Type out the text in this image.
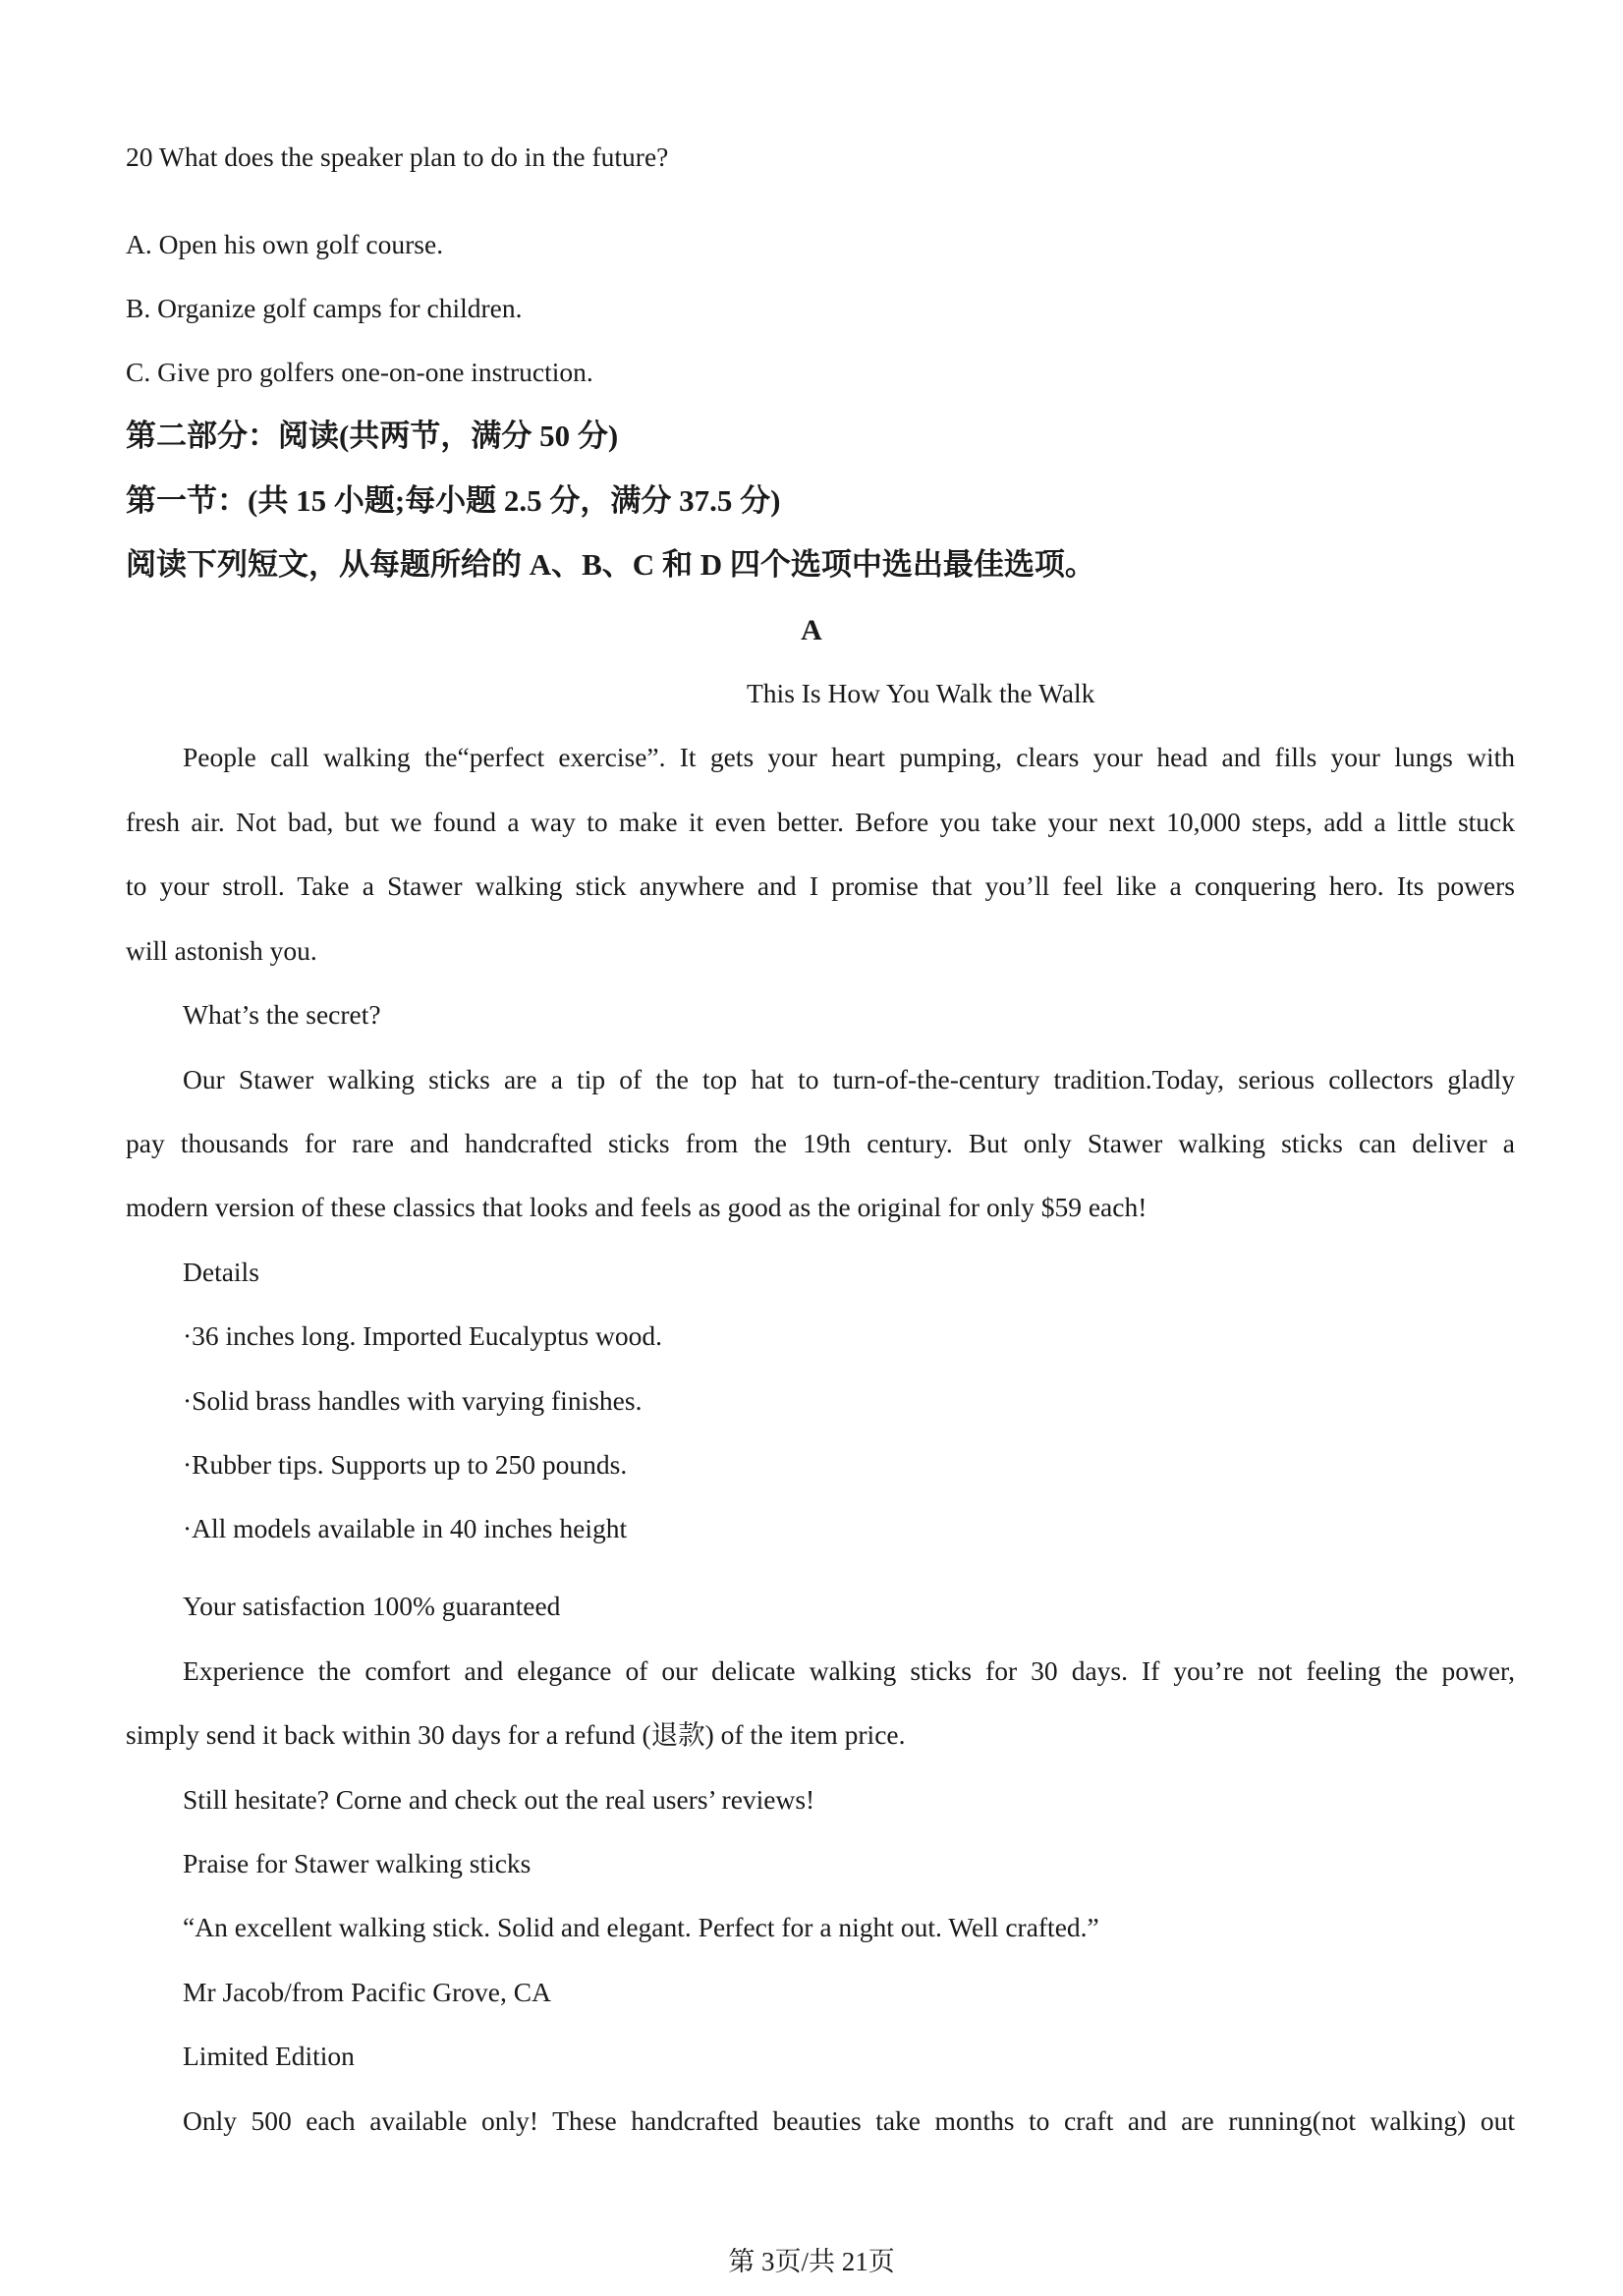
20 What does the speaker plan to do in the future?

A. Open his own golf course.

B. Organize golf camps for children.

C. Give pro golfers one-on-one instruction.

第二部分：阅读(共两节，满分 50 分)

第一节：(共 15 小题;每小题 2.5 分，满分 37.5 分)

阅读下列短文，从每题所给的 A、B、C 和 D 四个选项中选出最佳选项。

A

This Is How You Walk the Walk

People call walking the“perfect exercise”. It gets your heart pumping, clears your head and fills your lungs with

fresh air. Not bad, but we found a way to make it even better. Before you take your next 10,000 steps, add a little stuck

to your stroll. Take a Stawer walking stick anywhere and I promise that you’ll feel like a conquering hero. Its powers

will astonish you.

What’s the secret?

Our Stawer walking sticks are a tip of the top hat to turn-of-the-century tradition.Today, serious collectors gladly

pay thousands for rare and handcrafted sticks from the 19th century. But only Stawer walking sticks can deliver a

modern version of these classics that looks and feels as good as the original for only $59 each!

Details

·36 inches long. Imported Eucalyptus wood.

·Solid brass handles with varying finishes.

·Rubber tips. Supports up to 250 pounds.

·All models available in 40 inches height

Your satisfaction 100% guaranteed

Experience the comfort and elegance of our delicate walking sticks for 30 days. If you’re not feeling the power,

simply send it back within 30 days for a refund (退款) of the item price.

Still hesitate? Corne and check out the real users’ reviews!

Praise for Stawer walking sticks

“An excellent walking stick. Solid and elegant. Perfect for a night out. Well crafted.”

Mr Jacob/from Pacific Grove, CA

Limited Edition

Only 500 each available only! These handcrafted beauties take months to craft and are running(not walking) out

第 3页/共 21页
